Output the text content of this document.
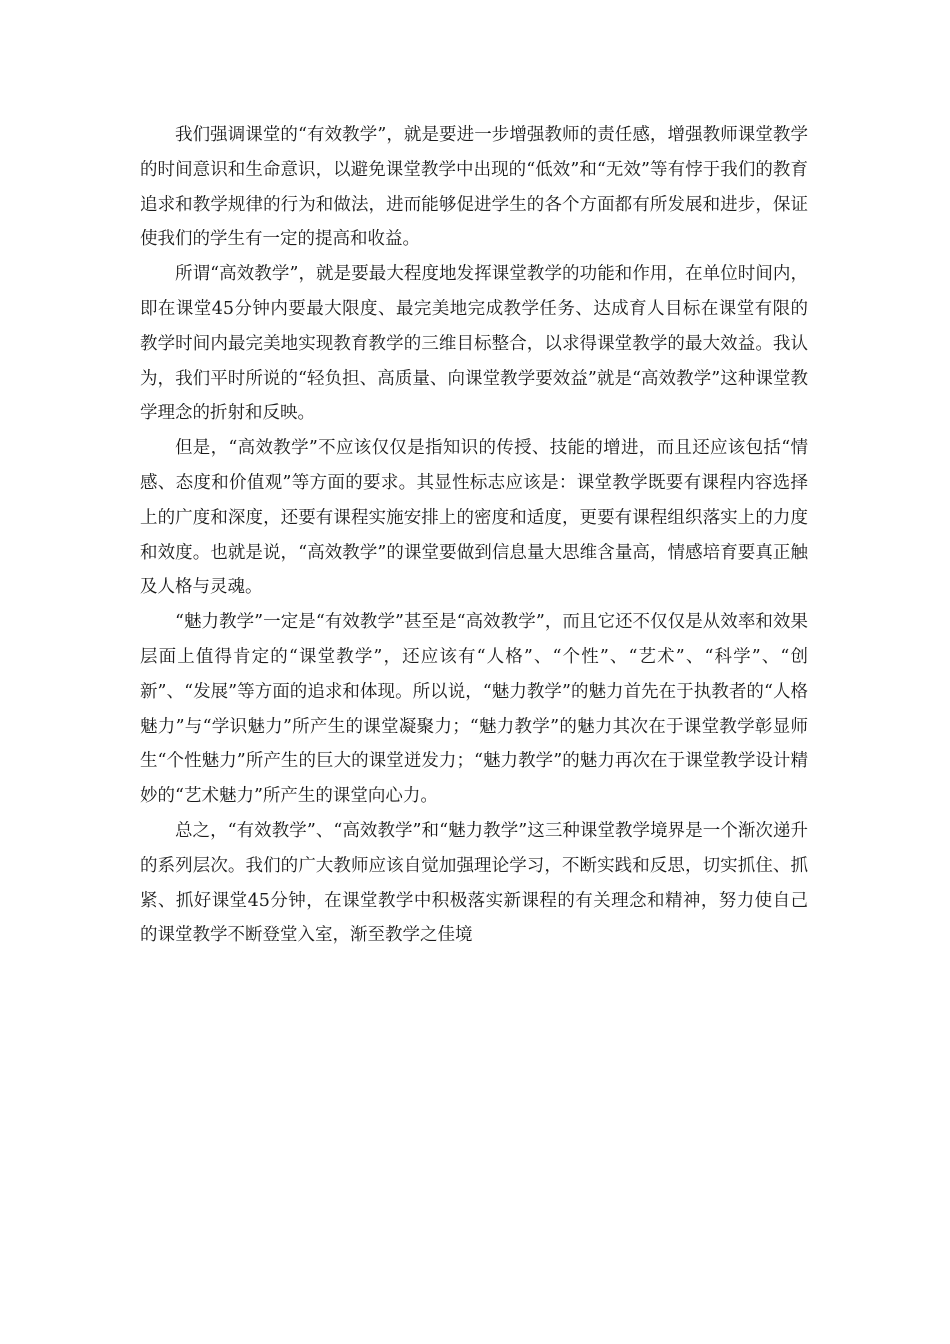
我们强调课堂的“有效教学”，就是要进一步增强教师的责任感，增强教师课堂教学的时间意识和生命意识，以避免课堂教学中出现的“低效”和“无效”等有悖于我们的教育追求和教学规律的行为和做法，进而能够促进学生的各个方面都有所发展和进步，保证使我们的学生有一定的提高和收益。

所谓“高效教学”，就是要最大程度地发挥课堂教学的功能和作用，在单位时间内，即在课堂45分钟内要最大限度、最完美地完成教学任务、达成育人目标在课堂有限的教学时间内最完美地实现教育教学的三维目标整合，以求得课堂教学的最大效益。我认为，我们平时所说的“轻负担、高质量、向课堂教学要效益”就是“高效教学”这种课堂教学理念的折射和反映。

但是，“高效教学”不应该仅仅是指知识的传授、技能的增进，而且还应该包括“情感、态度和价值观”等方面的要求。其显性标志应该是：课堂教学既要有课程内容选择上的广度和深度，还要有课程实施安排上的密度和适度，更要有课程组织落实上的力度和效度。也就是说，“高效教学”的课堂要做到信息量大思维含量高，情感培育要真正触及人格与灵魂。

“魅力教学”一定是“有效教学”甚至是“高效教学”，而且它还不仅仅是从效率和效果层面上值得肯定的“课堂教学”，还应该有“人格”、“个性”、“艺术”、“科学”、“创新”、“发展”等方面的追求和体现。所以说，“魅力教学”的魅力首先在于执教者的“人格魅力”与“学识魅力”所产生的课堂凝聚力；“魅力教学”的魅力其次在于课堂教学彰显师生“个性魅力”所产生的巨大的课堂迸发力；“魅力教学”的魅力再次在于课堂教学设计精妙的“艺术魅力”所产生的课堂向心力。

总之，“有效教学”、“高效教学”和“魅力教学”这三种课堂教学境界是一个渐次递升的系列层次。我们的广大教师应该自觉加强理论学习，不断实践和反思，切实抓住、抓紧、抓好课堂45分钟，在课堂教学中积极落实新课程的有关理念和精神，努力使自己的课堂教学不断登堂入室，渐至教学之佳境
